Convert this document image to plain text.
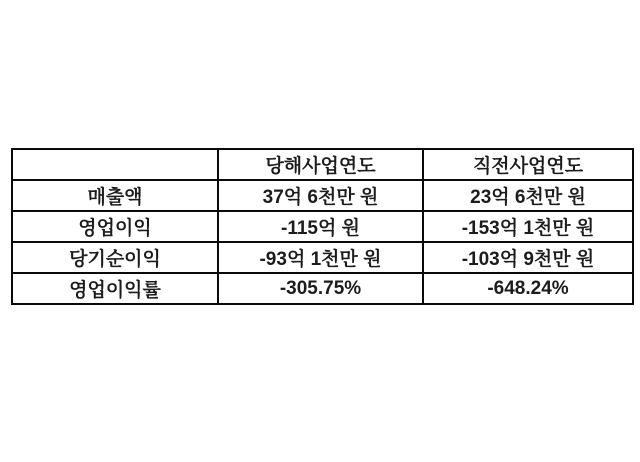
	당해사업연도	직전사업연도
매출액	37억 6천만 원	23억 6천만 원
영업이익	-115억 원	-153억 1천만 원
당기순이익	-93억 1천만 원	-103억 9천만 원
영업이익률	-305.75%	-648.24%
